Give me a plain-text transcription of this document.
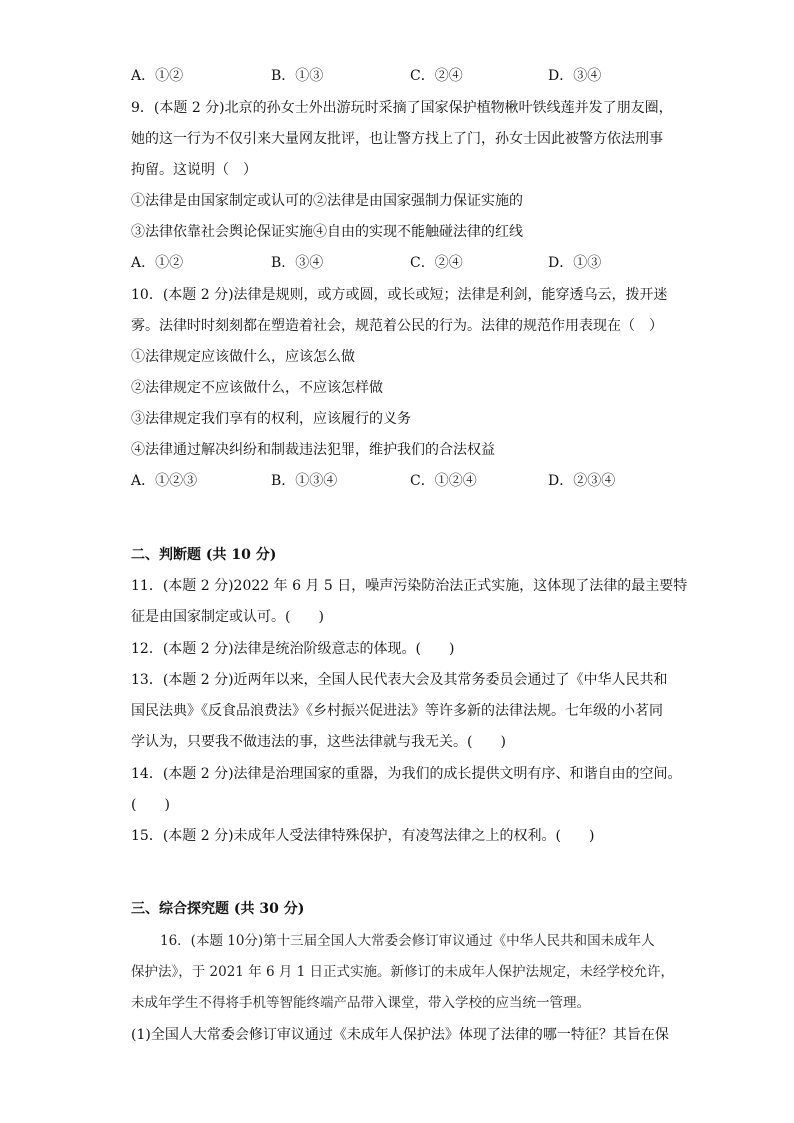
A．①②	B．①③	C．②④	D．③④
9．(本题 2 分)北京的孙女士外出游玩时采摘了国家保护植物楸叶铁线莲并发了朋友圈，
她的这一行为不仅引来大量网友批评，也让警方找上了门，孙女士因此被警方依法刑事
拘留。这说明（　）
①法律是由国家制定或认可的②法律是由国家强制力保证实施的
③法律依靠社会舆论保证实施④自由的实现不能触碰法律的红线
A．①②	B．③④	C．②④	D．①③
10．(本题 2 分)法律是规则，或方或圆，或长或短；法律是利剑，能穿透乌云，拨开迷
雾。法律时时刻刻都在塑造着社会，规范着公民的行为。法律的规范作用表现在（　）
①法律规定应该做什么，应该怎么做
②法律规定不应该做什么，不应该怎样做
③法律规定我们享有的权利，应该履行的义务
④法律通过解决纠纷和制裁违法犯罪，维护我们的合法权益
A．①②③	B．①③④	C．①②④	D．②③④
二、判断题 (共 10 分)
11．(本题 2 分)2022 年 6 月 5 日，噪声污染防治法正式实施，这体现了法律的最主要特
征是由国家制定或认可。(　　)
12．(本题 2 分)法律是统治阶级意志的体现。(　　)
13．(本题 2 分)近两年以来，全国人民代表大会及其常务委员会通过了《中华人民共和
国民法典》《反食品浪费法》《乡村振兴促进法》等许多新的法律法规。七年级的小茗同
学认为，只要我不做违法的事，这些法律就与我无关。(　　)
14．(本题 2 分)法律是治理国家的重器，为我们的成长提供文明有序、和谐自由的空间。
(　　)
15．(本题 2 分)未成年人受法律特殊保护，有凌驾法律之上的权利。(　　)
三、综合探究题 (共 30 分)
16．(本题 10分)第十三届全国人大常委会修订审议通过《中华人民共和国未成年人
保护法》，于 2021 年 6 月 1 日正式实施。新修订的未成年人保护法规定，未经学校允许，
未成年学生不得将手机等智能终端产品带入课堂，带入学校的应当统一管理。
(1)全国人大常委会修订审议通过《未成年人保护法》体现了法律的哪一特征？其旨在保
